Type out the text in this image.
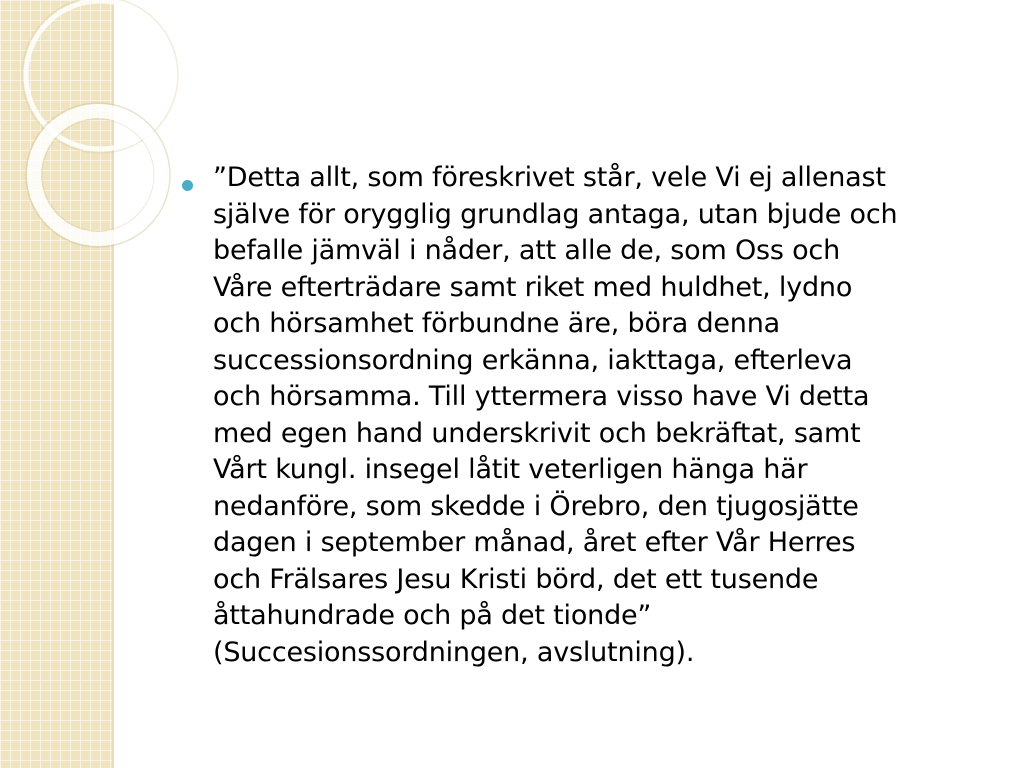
”Detta allt, som föreskrivet står, vele Vi ej allenast
själve för orygglig grundlag antaga, utan bjude och
befalle jämväl i nåder, att alle de, som Oss och
Våre efterträdare samt riket med huldhet, lydno
och hörsamhet förbundne äre, böra denna
successionsordning erkänna, iakttaga, efterleva
och hörsamma. Till yttermera visso have Vi detta
med egen hand underskrivit och bekräftat, samt
Vårt kungl. insegel låtit veterligen hänga här
nedanföre, som skedde i Örebro, den tjugosjätte
dagen i september månad, året efter Vår Herres
och Frälsares Jesu Kristi börd, det ett tusende
åttahundrade och på det tionde”
(Succesionssordningen, avslutning).
